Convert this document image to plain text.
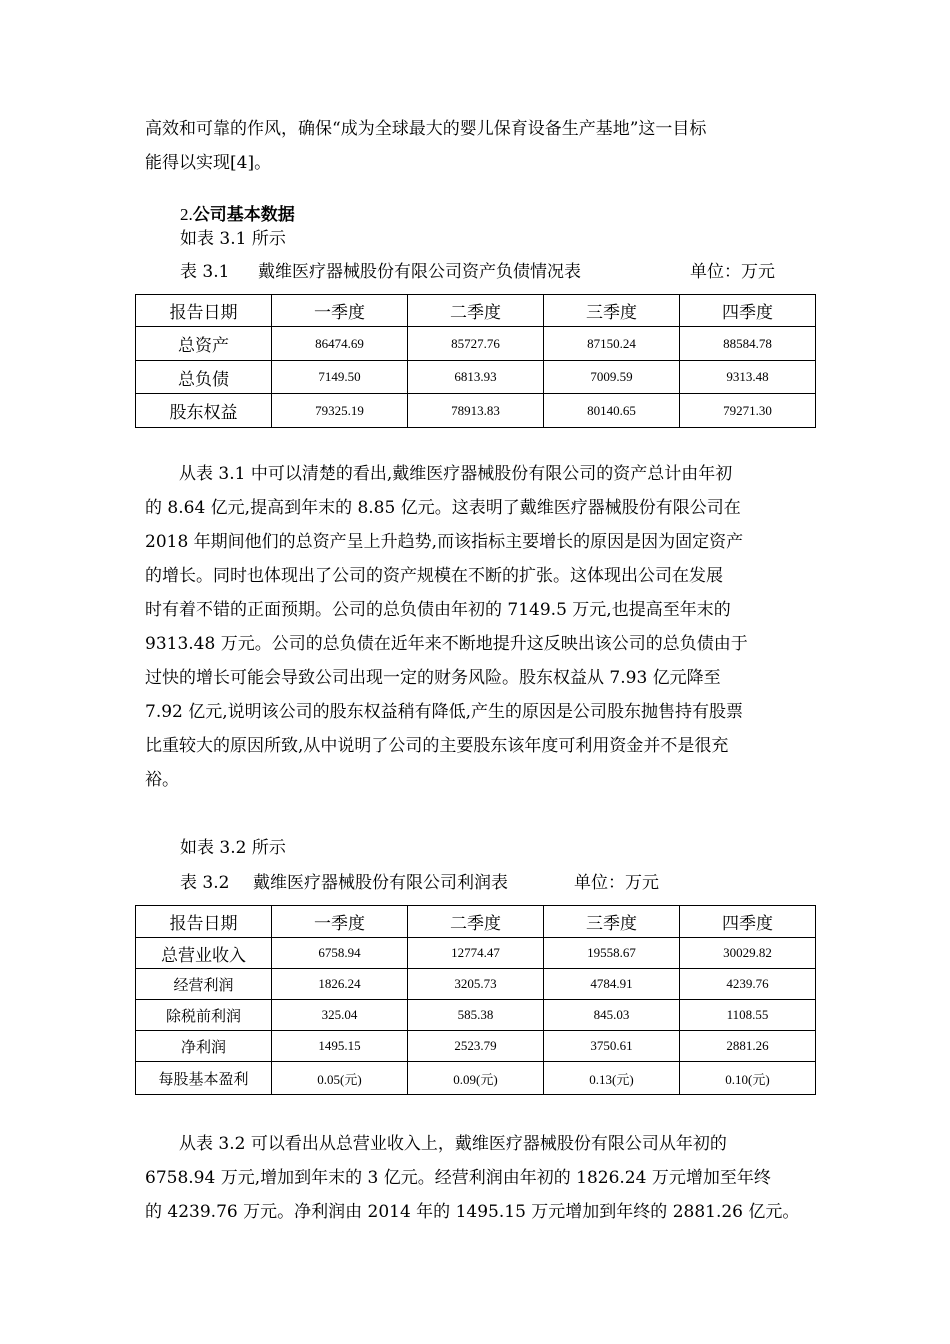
高效和可靠的作风，确保“成为全球最大的婴儿保育设备生产基地”这一目标
能得以实现[4]。
2.公司基本数据
如表 3.1 所示
表 3.1 戴维医疗器械股份有限公司资产负债情况表	单位：万元
报告日期	一季度	二季度	三季度	四季度
总资产	86474.69	85727.76	87150.24	88584.78
总负债	7149.50	6813.93	7009.59	9313.48
股东权益	79325.19	78913.83	80140.65	79271.30
从表 3.1 中可以清楚的看出,戴维医疗器械股份有限公司的资产总计由年初
的 8.64 亿元,提高到年末的 8.85 亿元。这表明了戴维医疗器械股份有限公司在
2018 年期间他们的总资产呈上升趋势,而该指标主要增长的原因是因为固定资产
的增长。同时也体现出了公司的资产规模在不断的扩张。这体现出公司在发展
时有着不错的正面预期。公司的总负债由年初的 7149.5 万元,也提高至年末的
9313.48 万元。公司的总负债在近年来不断地提升这反映出该公司的总负债由于
过快的增长可能会导致公司出现一定的财务风险。股东权益从 7.93 亿元降至
7.92 亿元,说明该公司的股东权益稍有降低,产生的原因是公司股东抛售持有股票
比重较大的原因所致,从中说明了公司的主要股东该年度可利用资金并不是很充
裕。
如表 3.2 所示
表 3.2 戴维医疗器械股份有限公司利润表	单位：万元
报告日期	一季度	二季度	三季度	四季度
总营业收入	6758.94	12774.47	19558.67	30029.82
经营利润	1826.24	3205.73	4784.91	4239.76
除税前利润	325.04	585.38	845.03	1108.55
净利润	1495.15	2523.79	3750.61	2881.26
每股基本盈利	0.05(元)	0.09(元)	0.13(元)	0.10(元)
从表 3.2 可以看出从总营业收入上，戴维医疗器械股份有限公司从年初的
6758.94 万元,增加到年末的 3 亿元。经营利润由年初的 1826.24 万元增加至年终
的 4239.76 万元。净利润由 2014 年的 1495.15 万元增加到年终的 2881.26 亿元。
